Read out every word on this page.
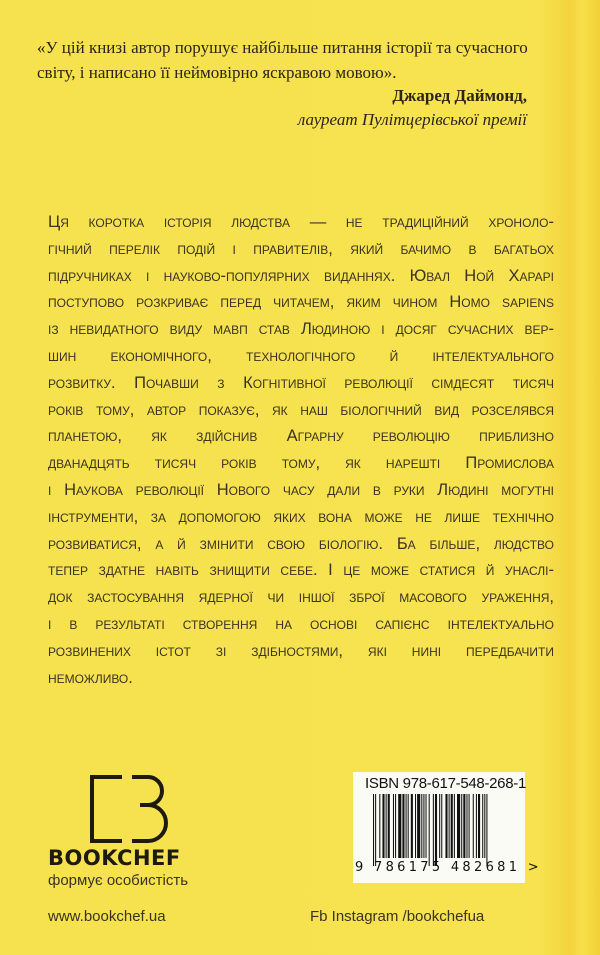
«У цій книзі автор порушує найбільше питання історії та сучасного
світу, і написано її неймовірно яскравою мовою».
Джаред Даймонд,
лауреат Пулітцерівської премії
Ця коротка історія людства — не традиційний хроноло-
гічний перелік подій і правителів, який бачимо в багатьох
підручниках і науково-популярних виданнях. Ювал Ной Харарі
поступово розкриває перед читачем, яким чином Homo sapiens
із невидатного виду мавп став Людиною і досяг сучасних вер-
шин економічного, технологічного й інтелектуального
розвитку. Почавши з Когнітивної революції сімдесят тисяч
років тому, автор показує, як наш біологічний вид розселявся
планетою, як здійснив Аграрну революцію приблизно
дванадцять тисяч років тому, як нарешті Промислова
і Наукова революції Нового часу дали в руки Людині могутні
інструменти, за допомогою яких вона може не лише технічно
розвиватися, а й змінити свою біологію. Ба більше, людство
тепер здатне навіть знищити себе. І це може статися й унаслі-
док застосування ядерної чи іншої зброї масового ураження,
і в результаті створення на основі сапієнс інтелектуально
розвинених істот зі здібностями, які нині передбачити
неможливо.
BOOKCHEF
формує особистість
www.bookchef.ua	Fb Instagram /bookchefua
ISBN 978-617-548-268-1
9 786175 482681 >
